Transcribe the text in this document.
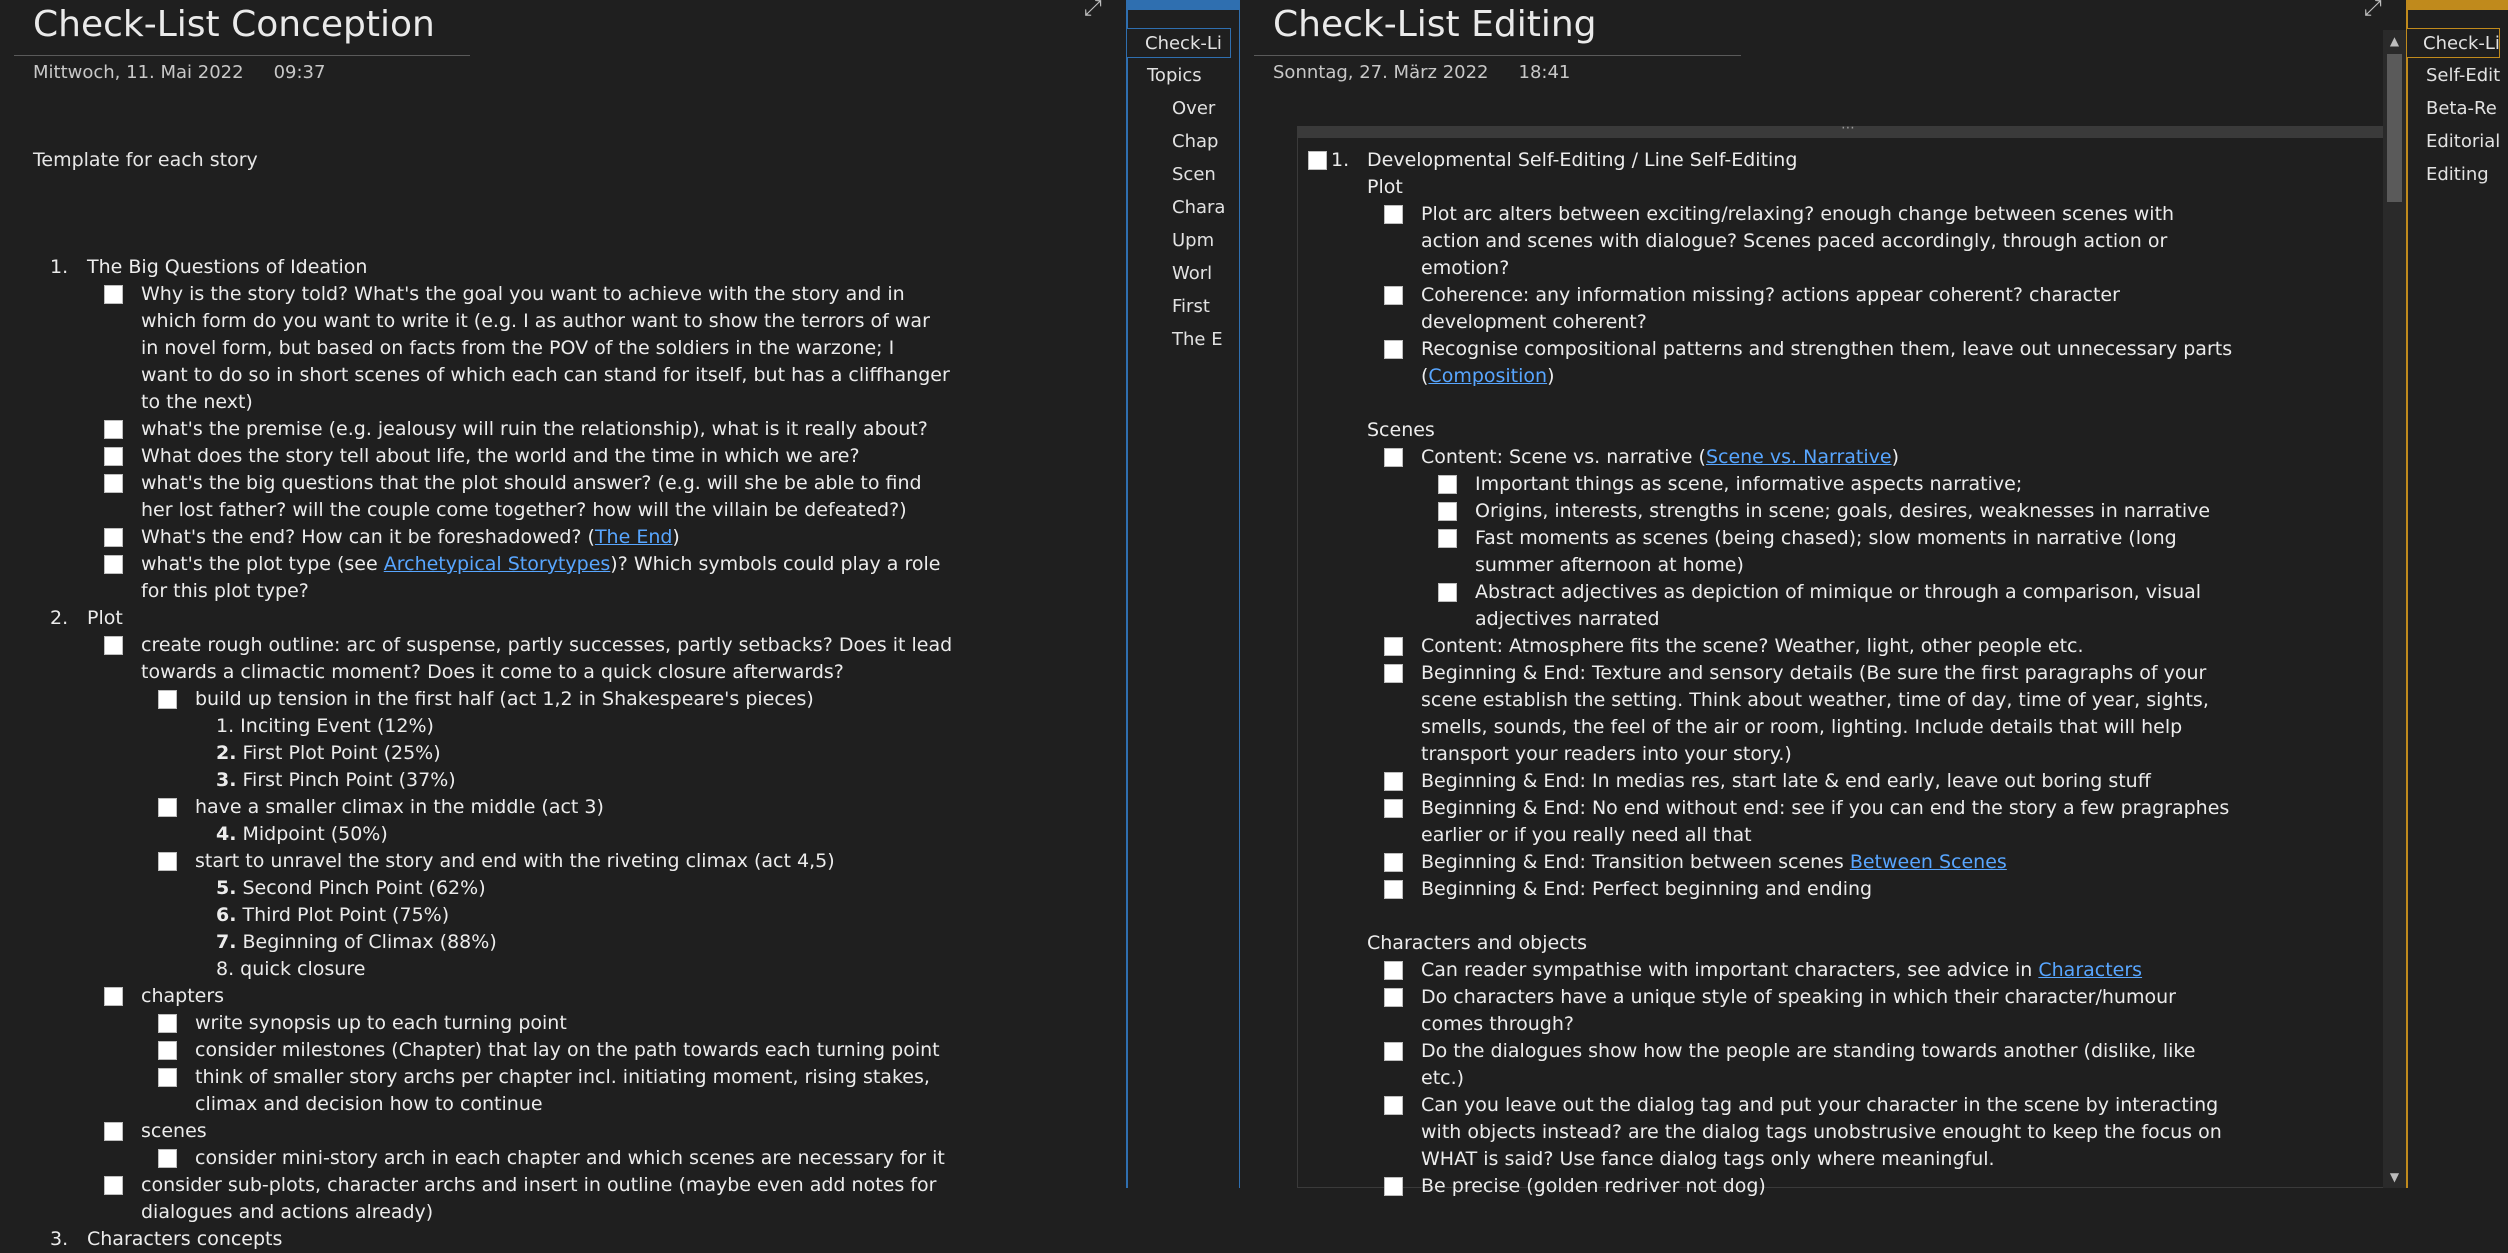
Check-List Conception
Mittwoch, 11. Mai 2022 09:37
Template for each story
1. The Big Questions of Ideation
Why is the story told? What's the goal you want to achieve with the story and in
which form do you want to write it (e.g. I as author want to show the terrors of war
in novel form, but based on facts from the POV of the soldiers in the warzone; I
want to do so in short scenes of which each can stand for itself, but has a cliffhanger
to the next)
what's the premise (e.g. jealousy will ruin the relationship), what is it really about?
What does the story tell about life, the world and the time in which we are?
what's the big questions that the plot should answer? (e.g. will she be able to find
her lost father? will the couple come together? how will the villain be defeated?)
What's the end? How can it be foreshadowed? (The End)
what's the plot type (see Archetypical Storytypes)? Which symbols could play a role
for this plot type?
2. Plot
create rough outline: arc of suspense, partly successes, partly setbacks? Does it lead
towards a climactic moment? Does it come to a quick closure afterwards?
build up tension in the first half (act 1,2 in Shakespeare's pieces)
1. Inciting Event (12%)
2. First Plot Point (25%)
3. First Pinch Point (37%)
have a smaller climax in the middle (act 3)
4. Midpoint (50%)
start to unravel the story and end with the riveting climax (act 4,5)
5. Second Pinch Point (62%)
6. Third Plot Point (75%)
7. Beginning of Climax (88%)
8. quick closure
chapters
write synopsis up to each turning point
consider milestones (Chapter) that lay on the path towards each turning point
think of smaller story archs per chapter incl. initiating moment, rising stakes,
climax and decision how to continue
scenes
consider mini-story arch in each chapter and which scenes are necessary for it
consider sub-plots, character archs and insert in outline (maybe even add notes for
dialogues and actions already)
3. Characters concepts
⤢
Check-Li
Topics
Over
Chap
Scen
Chara
Upm
Worl
First
The E
Check-List Editing
Sonntag, 27. März 2022 18:41
⋯
1. Developmental Self-Editing / Line Self-Editing
Plot
Plot arc alters between exciting/relaxing? enough change between scenes with
action and scenes with dialogue? Scenes paced accordingly, through action or
emotion?
Coherence: any information missing? actions appear coherent? character
development coherent?
Recognise compositional patterns and strengthen them, leave out unnecessary parts
(Composition)
Scenes
Content: Scene vs. narrative (Scene vs. Narrative)
Important things as scene, informative aspects narrative;
Origins, interests, strengths in scene; goals, desires, weaknesses in narrative
Fast moments as scenes (being chased); slow moments in narrative (long
summer afternoon at home)
Abstract adjectives as depiction of mimique or through a comparison, visual
adjectives narrated
Content: Atmosphere fits the scene? Weather, light, other people etc.
Beginning & End: Texture and sensory details (Be sure the first paragraphs of your
scene establish the setting. Think about weather, time of day, time of year, sights,
smells, sounds, the feel of the air or room, lighting. Include details that will help
transport your readers into your story.)
Beginning & End: In medias res, start late & end early, leave out boring stuff
Beginning & End: No end without end: see if you can end the story a few pragraphes
earlier or if you really need all that
Beginning & End: Transition between scenes Between Scenes
Beginning & End: Perfect beginning and ending
Characters and objects
Can reader sympathise with important characters, see advice in Characters
Do characters have a unique style of speaking in which their character/humour
comes through?
Do the dialogues show how the people are standing towards another (dislike, like
etc.)
Can you leave out the dialog tag and put your character in the scene by interacting
with objects instead? are the dialog tags unobstrusive enought to keep the focus on
WHAT is said? Use fance dialog tags only where meaningful.
Be precise (golden redriver not dog)
⤢
▲
▼
Check-Li
Self-Edit
Beta-Re
Editorial
Editing
